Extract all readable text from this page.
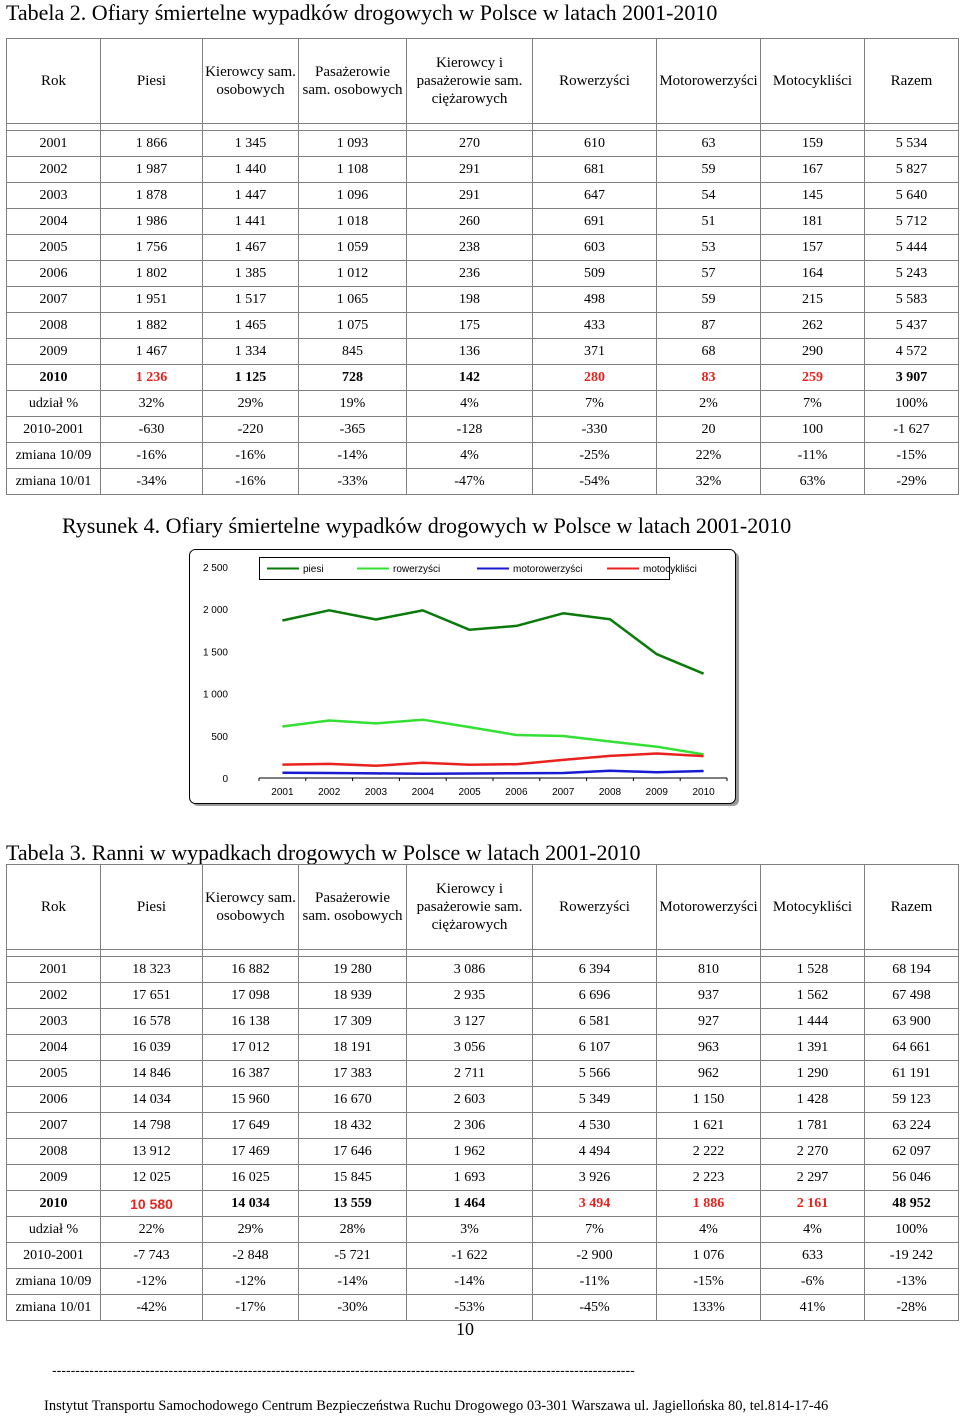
Tabela 2. Ofiary śmiertelne wypadków drogowych w Polsce w latach 2001-2010
Rok	Piesi	Kierowcy sam. osobowych	Pasażerowie sam. osobowych	Kierowcy i pasażerowie sam. ciężarowych	Rowerzyści	Motorowerzyści	Motocykliści	Razem

2001	1 866	1 345	1 093	270	610	63	159	5 534
2002	1 987	1 440	1 108	291	681	59	167	5 827
2003	1 878	1 447	1 096	291	647	54	145	5 640
2004	1 986	1 441	1 018	260	691	51	181	5 712
2005	1 756	1 467	1 059	238	603	53	157	5 444
2006	1 802	1 385	1 012	236	509	57	164	5 243
2007	1 951	1 517	1 065	198	498	59	215	5 583
2008	1 882	1 465	1 075	175	433	87	262	5 437
2009	1 467	1 334	845	136	371	68	290	4 572
2010	1 236	1 125	728	142	280	83	259	3 907
udział %	32%	29%	19%	4%	7%	2%	7%	100%
2010-2001	-630	-220	-365	-128	-330	20	100	-1 627
zmiana 10/09	-16%	-16%	-14%	4%	-25%	22%	-11%	-15%
zmiana 10/01	-34%	-16%	-33%	-47%	-54%	32%	63%	-29%
Rysunek 4. Ofiary śmiertelne wypadków drogowych w Polsce w latach 2001-2010
0
500
1 000
1 500
2 000
2 500
2001 2002 2003 2004 2005 2006 2007 2008 2009 2010
piesi	rowerzyści	motorowerzyści	motocykliści
Tabela 3. Ranni w wypadkach drogowych w Polsce w latach 2001-2010
Rok	Piesi	Kierowcy sam. osobowych	Pasażerowie sam. osobowych	Kierowcy i pasażerowie sam. ciężarowych	Rowerzyści	Motorowerzyści	Motocykliści	Razem

2001	18 323	16 882	19 280	3 086	6 394	810	1 528	68 194
2002	17 651	17 098	18 939	2 935	6 696	937	1 562	67 498
2003	16 578	16 138	17 309	3 127	6 581	927	1 444	63 900
2004	16 039	17 012	18 191	3 056	6 107	963	1 391	64 661
2005	14 846	16 387	17 383	2 711	5 566	962	1 290	61 191
2006	14 034	15 960	16 670	2 603	5 349	1 150	1 428	59 123
2007	14 798	17 649	18 432	2 306	4 530	1 621	1 781	63 224
2008	13 912	17 469	17 646	1 962	4 494	2 222	2 270	62 097
2009	12 025	16 025	15 845	1 693	3 926	2 223	2 297	56 046
2010	10 580	14 034	13 559	1 464	3 494	1 886	2 161	48 952
udział %	22%	29%	28%	3%	7%	4%	4%	100%
2010-2001	-7 743	-2 848	-5 721	-1 622	-2 900	1 076	633	-19 242
zmiana 10/09	-12%	-12%	-14%	-14%	-11%	-15%	-6%	-13%
zmiana 10/01	-42%	-17%	-30%	-53%	-45%	133%	41%	-28%
10
-----------------------------------------------------------------------------------------------------------------------------
Instytut Transportu Samochodowego Centrum Bezpieczeństwa Ruchu Drogowego 03-301 Warszawa ul. Jagiellońska 80, tel.814-17-46
